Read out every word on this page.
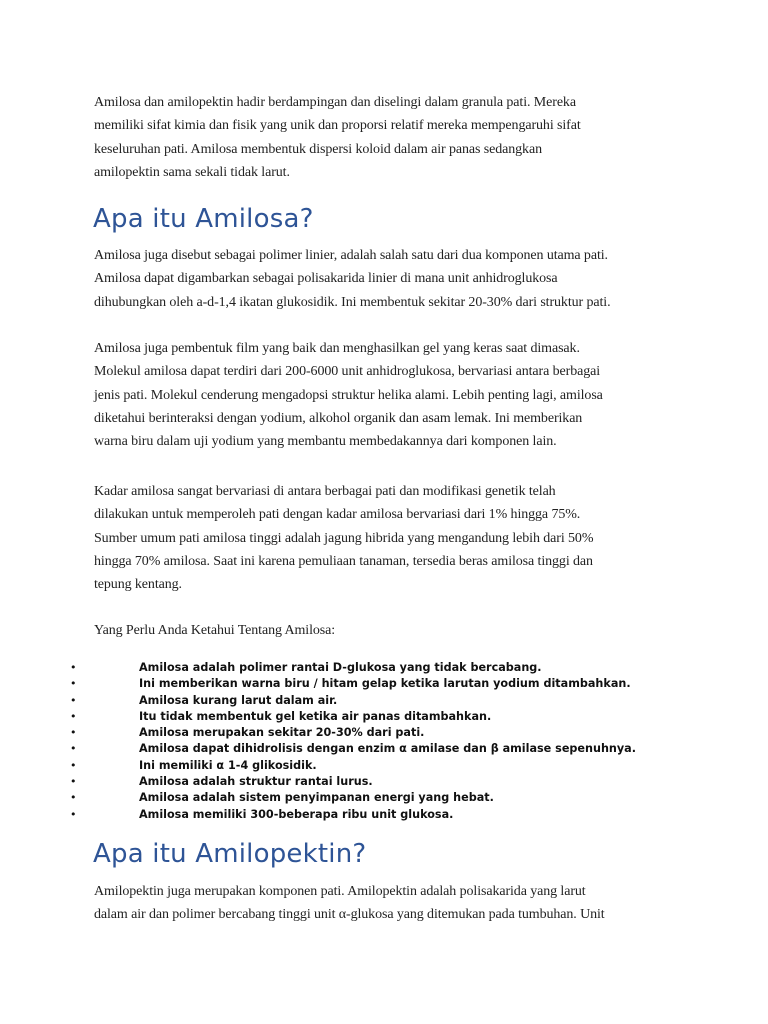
Amilosa dan amilopektin hadir berdampingan dan diselingi dalam granula pati. Mereka
memiliki sifat kimia dan fisik yang unik dan proporsi relatif mereka mempengaruhi sifat
keseluruhan pati. Amilosa membentuk dispersi koloid dalam air panas sedangkan
amilopektin sama sekali tidak larut.

Apa itu Amilosa?

Amilosa juga disebut sebagai polimer linier, adalah salah satu dari dua komponen utama pati.
Amilosa dapat digambarkan sebagai polisakarida linier di mana unit anhidroglukosa
dihubungkan oleh a-d-1,4 ikatan glukosidik. Ini membentuk sekitar 20-30% dari struktur pati.

Amilosa juga pembentuk film yang baik dan menghasilkan gel yang keras saat dimasak.
Molekul amilosa dapat terdiri dari 200-6000 unit anhidroglukosa, bervariasi antara berbagai
jenis pati. Molekul cenderung mengadopsi struktur helika alami. Lebih penting lagi, amilosa
diketahui berinteraksi dengan yodium, alkohol organik dan asam lemak. Ini memberikan
warna biru dalam uji yodium yang membantu membedakannya dari komponen lain.

Kadar amilosa sangat bervariasi di antara berbagai pati dan modifikasi genetik telah
dilakukan untuk memperoleh pati dengan kadar amilosa bervariasi dari 1% hingga 75%.
Sumber umum pati amilosa tinggi adalah jagung hibrida yang mengandung lebih dari 50%
hingga 70% amilosa. Saat ini karena pemuliaan tanaman, tersedia beras amilosa tinggi dan
tepung kentang.

Yang Perlu Anda Ketahui Tentang Amilosa:

•	Amilosa adalah polimer rantai D-glukosa yang tidak bercabang.
•	Ini memberikan warna biru / hitam gelap ketika larutan yodium ditambahkan.
•	Amilosa kurang larut dalam air.
•	Itu tidak membentuk gel ketika air panas ditambahkan.
•	Amilosa merupakan sekitar 20-30% dari pati.
•	Amilosa dapat dihidrolisis dengan enzim α amilase dan β amilase sepenuhnya.
•	Ini memiliki α 1-4 glikosidik.
•	Amilosa adalah struktur rantai lurus.
•	Amilosa adalah sistem penyimpanan energi yang hebat.
•	Amilosa memiliki 300-beberapa ribu unit glukosa.
Apa itu Amilopektin?

Amilopektin juga merupakan komponen pati. Amilopektin adalah polisakarida yang larut
dalam air dan polimer bercabang tinggi unit α-glukosa yang ditemukan pada tumbuhan. Unit
